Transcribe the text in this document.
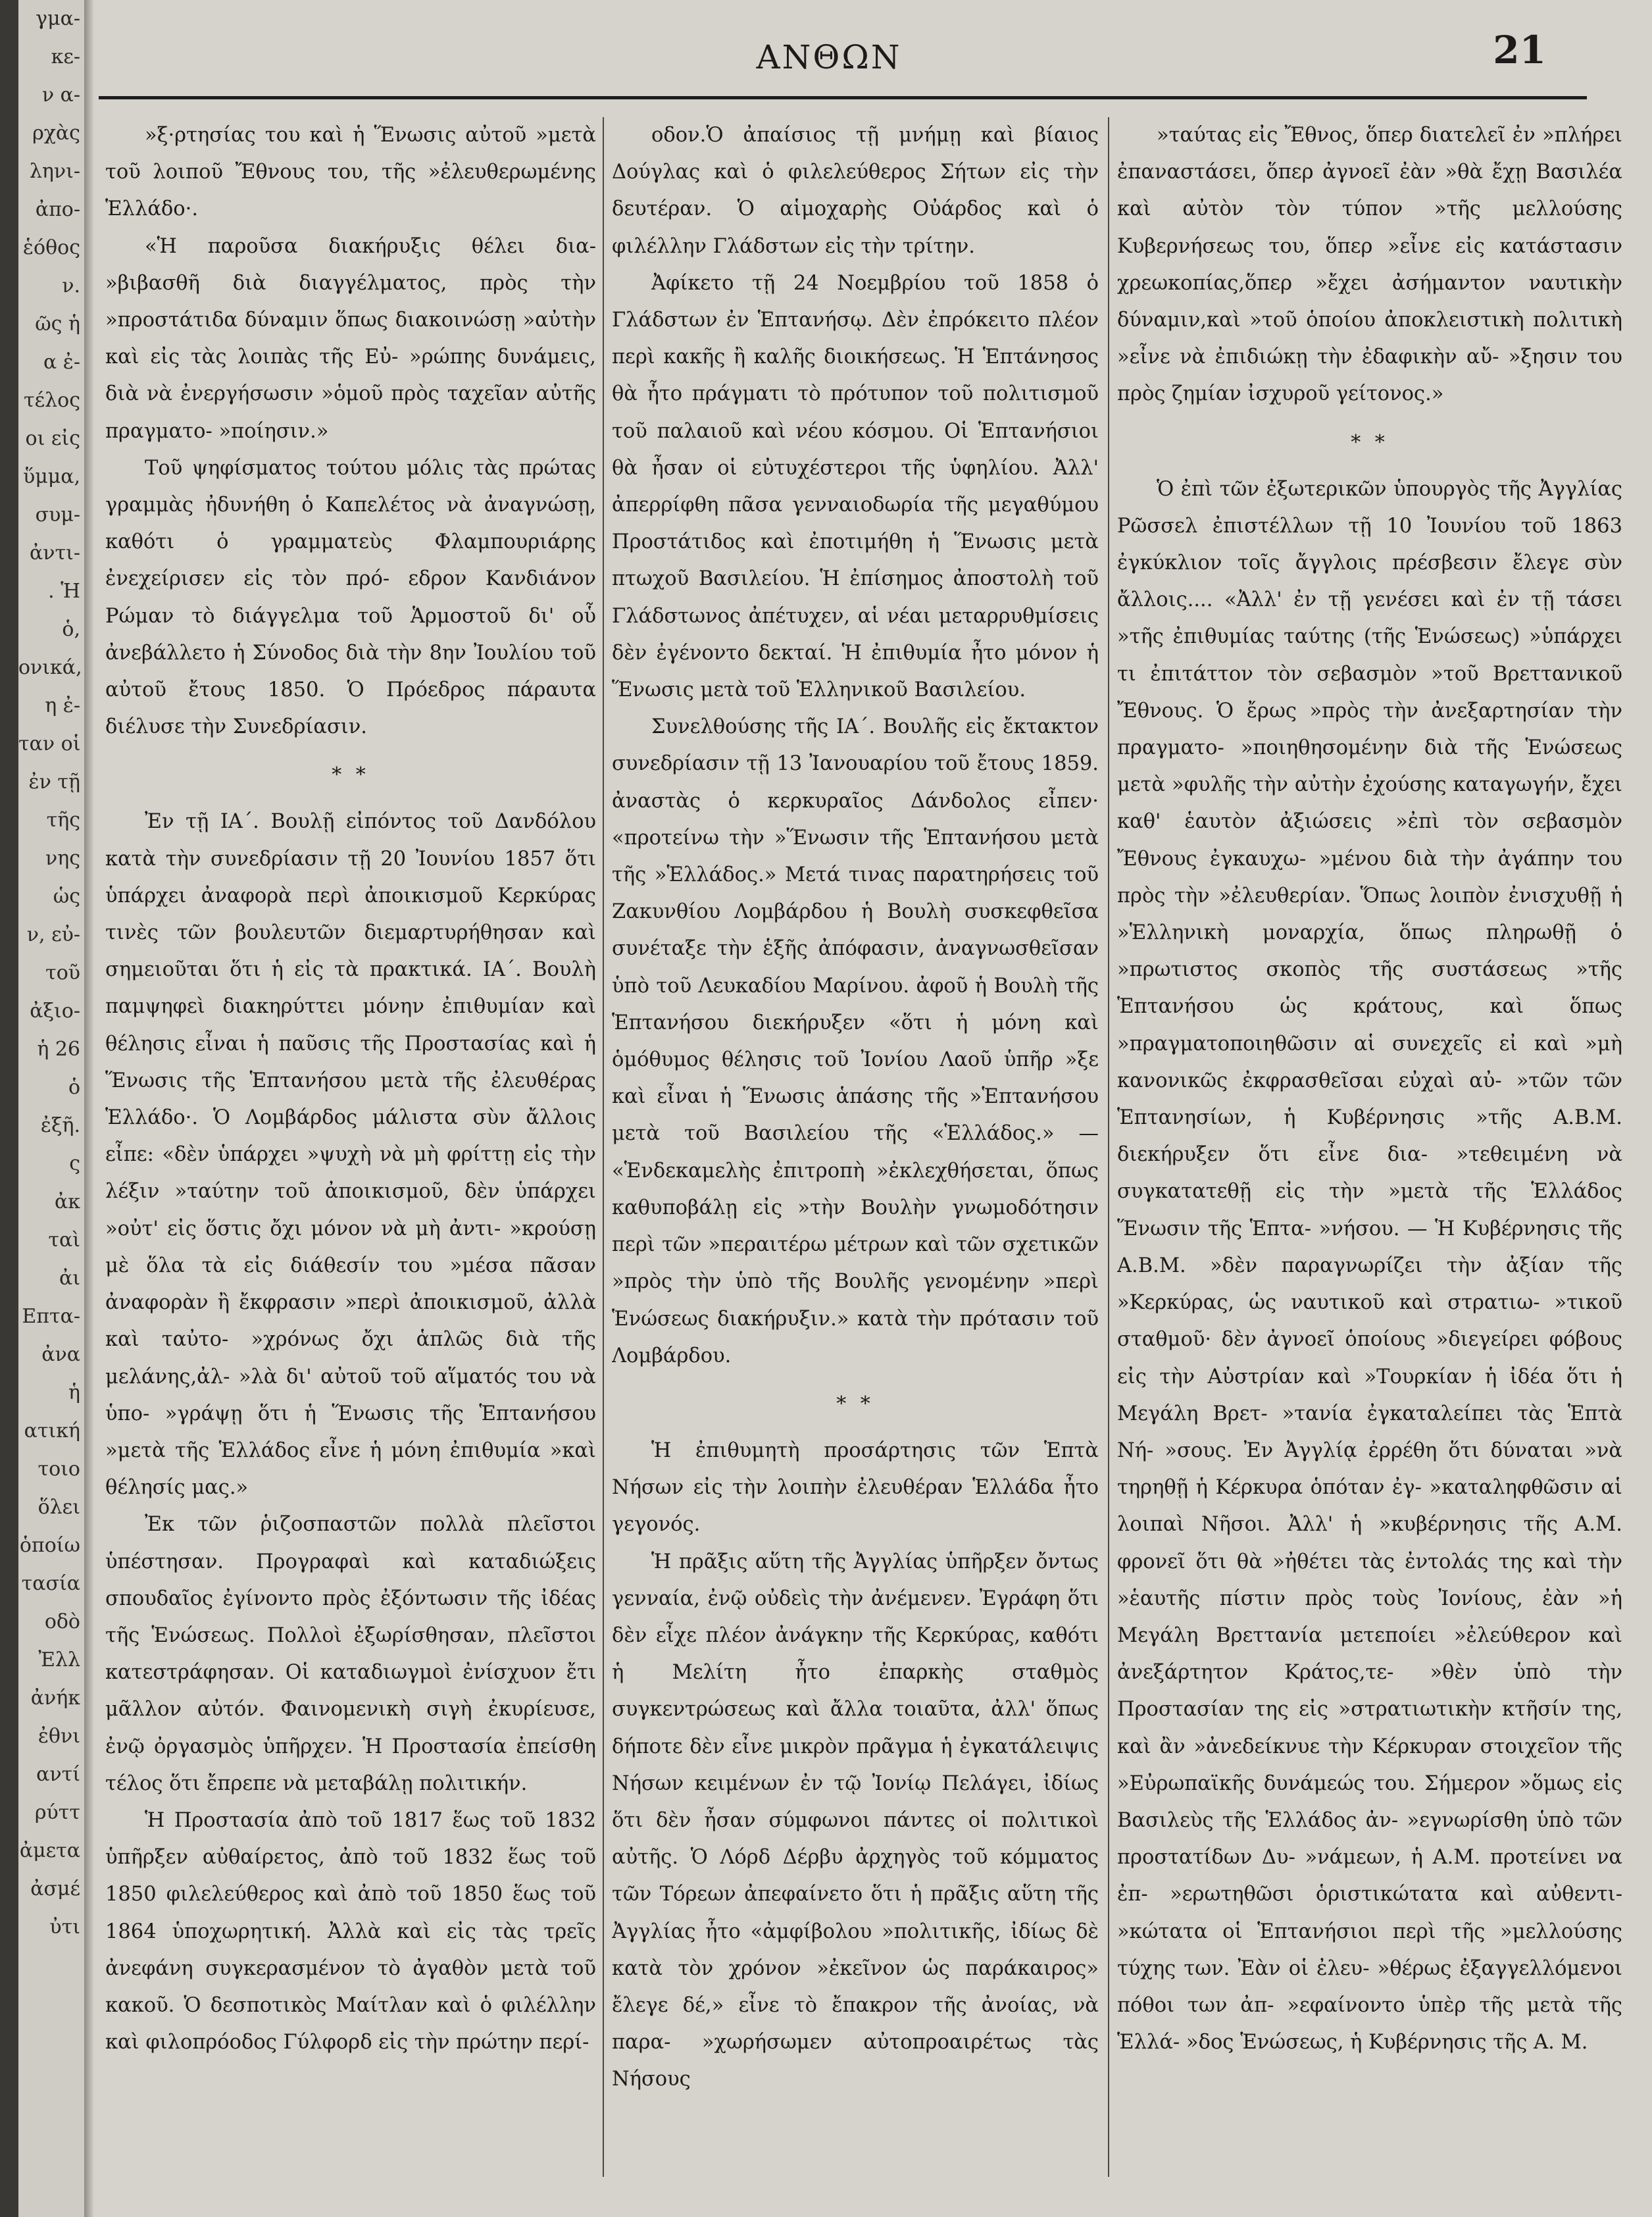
γμα-
κε-
ν α-
ρχὰς
ληνι-
ἀπο-
ἑόθος
ν.
ῶς ἡ
α ἐ-
τέλος
οι εἰς
ὕμμα,
συμ-
ἀντι-
. Ἡ
ὁ,
ονικά,
η ἐ-
ταν οἱ
ἐν τῇ
τῆς
νης
ὡς
ν, εὐ-
τοῦ
ἀξιο-
ἡ 26
ὁ
ἐξῆ.
ς
ἀκ
ταὶ
ἀι
Επτα-
ἀνα
ἡ
ατική
τοιο
ὅλει
ὁποίω
τασία
οδὸ
Ἐλλ
ἀνήκ
ἐθνι
αντί
ρύττ
ἀμετα
ἀσμέ
ὐτι
ΑΝΘΩΝ	21

»ξ·ρτησίας του καὶ ἡ Ἕνωσις αὐτοῦ »μετὰ τοῦ λοιποῦ Ἔθνους του, τῆς »ἐλευθερωμένης Ἑλλάδο·.

«Ἡ παροῦσα διακήρυξις θέλει δια- »βιβασθῆ διὰ διαγγέλματος, πρὸς τὴν »προστάτιδα δύναμιν ὅπως διακοινώσῃ »αὐτὴν καὶ εἰς τὰς λοιπὰς τῆς Εὐ- »ρώπης δυνάμεις, διὰ νὰ ἐνεργήσωσιν »ὁμοῦ πρὸς ταχεῖαν αὐτῆς πραγματο- »ποίησιν.»

Τοῦ ψηφίσματος τούτου μόλις τὰς πρώτας γραμμὰς ἠδυνήθη ὁ Καπελέτος νὰ ἀναγνώσῃ, καθότι ὁ γραμματεὺς Φλαμπουριάρης ἐνεχείρισεν εἰς τὸν πρό- εδρον Κανδιάνον Ρώμαν τὸ διάγγελμα τοῦ Ἁρμοστοῦ δι' οὗ ἀνεβάλλετο ἡ Σύνοδος διὰ τὴν 8ην Ἰουλίου τοῦ αὐτοῦ ἔτους 1850. Ὁ Πρόεδρος πάραυτα διέλυσε τὴν Συνεδρίασιν.

* *

Ἐν τῇ ΙΑ΄. Βουλῇ εἰπόντος τοῦ Δανδόλου κατὰ τὴν συνεδρίασιν τῇ 20 Ἰουνίου 1857 ὅτι ὑπάρχει ἀναφορὰ περὶ ἀποικισμοῦ Κερκύρας τινὲς τῶν βουλευτῶν διεμαρτυρήθησαν καὶ σημειοῦται ὅτι ἡ εἰς τὰ πρακτικά. ΙΑ΄. Βουλὴ παμψηφεὶ διακηρύττει μόνην ἐπιθυμίαν καὶ θέλησις εἶναι ἡ παῦσις τῆς Προστασίας καὶ ἡ Ἕνωσις τῆς Ἑπτανήσου μετὰ τῆς ἐλευθέρας Ἑλλάδο·. Ὁ Λομβάρδος μάλιστα σὺν ἄλλοις εἶπε: «δὲν ὑπάρχει »ψυχὴ νὰ μὴ φρίττῃ εἰς τὴν λέξιν »ταύτην τοῦ ἀποικισμοῦ, δὲν ὑπάρχει »οὐτ' εἰς ὅστις ὄχι μόνον νὰ μὴ ἀντι- »κρούσῃ μὲ ὅλα τὰ εἰς διάθεσίν του »μέσα πᾶσαν ἀναφορὰν ἢ ἔκφρασιν »περὶ ἀποικισμοῦ, ἀλλὰ καὶ ταὐτο- »χρόνως ὄχι ἁπλῶς διὰ τῆς μελάνης,ἀλ- »λὰ δι' αὐτοῦ τοῦ αἵματός του νὰ ὑπο- »γράψῃ ὅτι ἡ Ἕνωσις τῆς Ἑπτανήσου »μετὰ τῆς Ἑλλάδος εἶνε ἡ μόνη ἐπιθυμία »καὶ θέλησίς μας.»

Ἐκ τῶν ῥιζοσπαστῶν πολλὰ πλεῖστοι ὑπέστησαν. Προγραφαὶ καὶ καταδιώξεις σπουδαῖος ἐγίνοντο πρὸς ἐξόντωσιν τῆς ἰδέας τῆς Ἑνώσεως. Πολλοὶ ἐξωρίσθησαν, πλεῖστοι κατεστράφησαν. Οἱ καταδιωγμοὶ ἐνίσχυον ἔτι μᾶλλον αὐτόν. Φαινομενικὴ σιγὴ ἐκυρίευσε, ἐνῷ ὀργασμὸς ὑπῆρχεν. Ἡ Προστασία ἐπείσθη τέλος ὅτι ἔπρεπε νὰ μεταβάλῃ πολιτικήν.

Ἡ Προστασία ἀπὸ τοῦ 1817 ἕως τοῦ 1832 ὑπῆρξεν αὐθαίρετος, ἀπὸ τοῦ 1832 ἕως τοῦ 1850 φιλελεύθερος καὶ ἀπὸ τοῦ 1850 ἕως τοῦ 1864 ὑποχωρητική. Ἀλλὰ καὶ εἰς τὰς τρεῖς ἀνεφάνη συγκερασμένον τὸ ἀγαθὸν μετὰ τοῦ κακοῦ. Ὁ δεσποτικὸς Μαίτλαν καὶ ὁ φιλέλλην καὶ φιλοπρόοδος Γύλφορδ εἰς τὴν πρώτην περί-

οδον.Ὁ ἀπαίσιος τῇ μνήμῃ καὶ βίαιος Δούγλας καὶ ὁ φιλελεύθερος Σήτων εἰς τὴν δευτέραν. Ὁ αἱμοχαρὴς Οὐάρδος καὶ ὁ φιλέλλην Γλάδστων εἰς τὴν τρίτην.

Ἀφίκετο τῇ 24 Νοεμβρίου τοῦ 1858 ὁ Γλάδστων ἐν Ἑπτανήσῳ. Δὲν ἐπρόκειτο πλέον περὶ κακῆς ἢ καλῆς διοικήσεως. Ἡ Ἑπτάνησος θὰ ἦτο πράγματι τὸ πρότυπον τοῦ πολιτισμοῦ τοῦ παλαιοῦ καὶ νέου κόσμου. Οἱ Ἑπτανήσιοι θὰ ἦσαν οἱ εὐτυχέστεροι τῆς ὑφηλίου. Ἀλλ' ἀπερρίφθη πᾶσα γενναιοδωρία τῆς μεγαθύμου Προστάτιδος καὶ ἐποτιμήθη ἡ Ἕνωσις μετὰ πτωχοῦ Βασιλείου. Ἡ ἐπίσημος ἀποστολὴ τοῦ Γλάδστωνος ἀπέτυχεν, αἱ νέαι μεταρρυθμίσεις δὲν ἐγένοντο δεκταί. Ἡ ἐπιθυμία ἦτο μόνον ἡ Ἕνωσις μετὰ τοῦ Ἑλληνικοῦ Βασιλείου.

Συνελθούσης τῆς ΙΑ΄. Βουλῆς εἰς ἔκτακτον συνεδρίασιν τῇ 13 Ἰανουαρίου τοῦ ἔτους 1859. ἀναστὰς ὁ κερκυραῖος Δάνδολος εἶπεν· «προτείνω τὴν »Ἕνωσιν τῆς Ἑπτανήσου μετὰ τῆς »Ἑλλάδος.» Μετά τινας παρατηρήσεις τοῦ Ζακυνθίου Λομβάρδου ἡ Βουλὴ συσκεφθεῖσα συνέταξε τὴν ἑξῆς ἀπόφασιν, ἀναγνωσθεῖσαν ὑπὸ τοῦ Λευκαδίου Μαρίνου. ἀφοῦ ἡ Βουλὴ τῆς Ἑπτανήσου διεκήρυξεν «ὅτι ἡ μόνη καὶ ὁμόθυμος θέλησις τοῦ Ἰονίου Λαοῦ ὑπῆρ »ξε καὶ εἶναι ἡ Ἕνωσις ἁπάσης τῆς »Ἑπτανήσου μετὰ τοῦ Βασιλείου τῆς «Ἑλλάδος.» — «Ἑνδεκαμελὴς ἐπιτροπὴ »ἐκλεχθήσεται, ὅπως καθυποβάλῃ εἰς »τὴν Βουλὴν γνωμοδότησιν περὶ τῶν »περαιτέρω μέτρων καὶ τῶν σχετικῶν »πρὸς τὴν ὑπὸ τῆς Βουλῆς γενομένην »περὶ Ἑνώσεως διακήρυξιν.» κατὰ τὴν πρότασιν τοῦ Λομβάρδου.

* *

Ἡ ἐπιθυμητὴ προσάρτησις τῶν Ἑπτὰ Νήσων εἰς τὴν λοιπὴν ἐλευθέραν Ἑλλάδα ἦτο γεγονός.

Ἡ πρᾶξις αὕτη τῆς Ἀγγλίας ὑπῆρξεν ὄντως γενναία, ἐνῷ οὐδεὶς τὴν ἀνέμενεν. Ἐγράφη ὅτι δὲν εἶχε πλέον ἀνάγκην τῆς Κερκύρας, καθότι ἡ Μελίτη ἦτο ἐπαρκὴς σταθμὸς συγκεντρώσεως καὶ ἄλλα τοιαῦτα, ἀλλ' ὅπως δήποτε δὲν εἶνε μικρὸν πρᾶγμα ἡ ἐγκατάλειψις Νήσων κειμένων ἐν τῷ Ἰονίῳ Πελάγει, ἰδίως ὅτι δὲν ἦσαν σύμφωνοι πάντες οἱ πολιτικοὶ αὐτῆς. Ὁ Λόρδ Δέρβυ ἀρχηγὸς τοῦ κόμματος τῶν Τόρεων ἀπεφαίνετο ὅτι ἡ πρᾶξις αὕτη τῆς Ἀγγλίας ἦτο «ἀμφίβολου »πολιτικῆς, ἰδίως δὲ κατὰ τὸν χρόνον »ἐκεῖνον ὡς παράκαιρος» ἔλεγε δέ,» εἶνε τὸ ἔπακρον τῆς ἀνοίας, νὰ παρα- »χωρήσωμεν αὐτοπροαιρέτως τὰς Νήσους

»ταύτας εἰς Ἔθνος, ὅπερ διατελεῖ ἐν »πλήρει ἐπαναστάσει, ὅπερ ἀγνοεῖ ἐὰν »θὰ ἔχῃ Βασιλέα καὶ αὐτὸν τὸν τύπον »τῆς μελλούσης Κυβερνήσεως του, ὅπερ »εἶνε εἰς κατάστασιν χρεωκοπίας,ὅπερ »ἔχει ἀσήμαντον ναυτικὴν δύναμιν,καὶ »τοῦ ὁποίου ἀποκλειστικὴ πολιτικὴ »εἶνε νὰ ἐπιδιώκῃ τὴν ἐδαφικὴν αὔ- »ξησιν του πρὸς ζημίαν ἰσχυροῦ γείτονος.»

* *

Ὁ ἐπὶ τῶν ἐξωτερικῶν ὑπουργὸς τῆς Ἀγγλίας Ρῶσσελ ἐπιστέλλων τῇ 10 Ἰουνίου τοῦ 1863 ἐγκύκλιον τοῖς ἄγγλοις πρέσβεσιν ἔλεγε σὺν ἄλλοις.... «Ἀλλ' ἐν τῇ γενέσει καὶ ἐν τῇ τάσει »τῆς ἐπιθυμίας ταύτης (τῆς Ἑνώσεως) »ὑπάρχει τι ἐπιτάττον τὸν σεβασμὸν »τοῦ Βρεττανικοῦ Ἔθνους. Ὁ ἔρως »πρὸς τὴν ἀνεξαρτησίαν τὴν πραγματο- »ποιηθησομένην διὰ τῆς Ἑνώσεως μετὰ »φυλῆς τὴν αὐτὴν ἐχούσης καταγωγήν, ἔχει καθ' ἑαυτὸν ἀξιώσεις »ἐπὶ τὸν σεβασμὸν Ἔθνους ἐγκαυχω- »μένου διὰ τὴν ἀγάπην του πρὸς τὴν »ἐλευθερίαν. Ὅπως λοιπὸν ἐνισχυθῇ ἡ »Ἑλληνικὴ μοναρχία, ὅπως πληρωθῇ ὁ »πρωτιστος σκοπὸς τῆς συστάσεως »τῆς Ἑπτανήσου ὡς κράτους, καὶ ὅπως »πραγματοποιηθῶσιν αἱ συνεχεῖς εἰ καὶ »μὴ κανονικῶς ἐκφρασθεῖσαι εὐχαὶ αὐ- »τῶν τῶν Ἑπτανησίων, ἡ Κυβέρνησις »τῆς Α.Β.Μ. διεκήρυξεν ὅτι εἶνε δια- »τεθειμένη νὰ συγκατατεθῇ εἰς τὴν »μετὰ τῆς Ἑλλάδος Ἕνωσιν τῆς Ἑπτα- »νήσου. — Ἡ Κυβέρνησις τῆς Α.Β.Μ. »δὲν παραγνωρίζει τὴν ἀξίαν τῆς »Κερκύρας, ὡς ναυτικοῦ καὶ στρατιω- »τικοῦ σταθμοῦ· δὲν ἀγνοεῖ ὁποίους »διεγείρει φόβους εἰς τὴν Αὐστρίαν καὶ »Τουρκίαν ἡ ἰδέα ὅτι ἡ Μεγάλη Βρετ- »τανία ἐγκαταλείπει τὰς Ἑπτὰ Νή- »σους. Ἐν Ἀγγλίᾳ ἐρρέθη ὅτι δύναται »νὰ τηρηθῇ ἡ Κέρκυρα ὁπόταν ἐγ- »καταληφθῶσιν αἱ λοιπαὶ Νῆσοι. Ἀλλ' ἡ »κυβέρνησις τῆς Α.Μ. φρονεῖ ὅτι θὰ »ἠθέτει τὰς ἐντολάς της καὶ τὴν »ἑαυτῆς πίστιν πρὸς τοὺς Ἰονίους, ἐὰν »ἡ Μεγάλη Βρεττανία μετεποίει »ἐλεύθερον καὶ ἀνεξάρτητον Κράτος,τε- »θὲν ὑπὸ τὴν Προστασίαν της εἰς »στρατιωτικὴν κτῆσίν της, καὶ ἂν »ἀνεδείκνυε τὴν Κέρκυραν στοιχεῖον τῆς »Εὐρωπαϊκῆς δυνάμεώς του. Σήμερον »ὅμως εἰς Βασιλεὺς τῆς Ἑλλάδος ἀν- »εγνωρίσθη ὑπὸ τῶν προστατίδων Δυ- »νάμεων, ἡ Α.Μ. προτείνει να ἐπ- »ερωτηθῶσι ὁριστικώτατα καὶ αὐθεντι- »κώτατα οἱ Ἑπτανήσιοι περὶ τῆς »μελλούσης τύχης των. Ἐὰν οἱ ἐλευ- »θέρως ἐξαγγελλόμενοι πόθοι των ἀπ- »εφαίνοντο ὑπὲρ τῆς μετὰ τῆς Ἑλλά- »δος Ἑνώσεως, ἡ Κυβέρνησις τῆς Α. Μ.
